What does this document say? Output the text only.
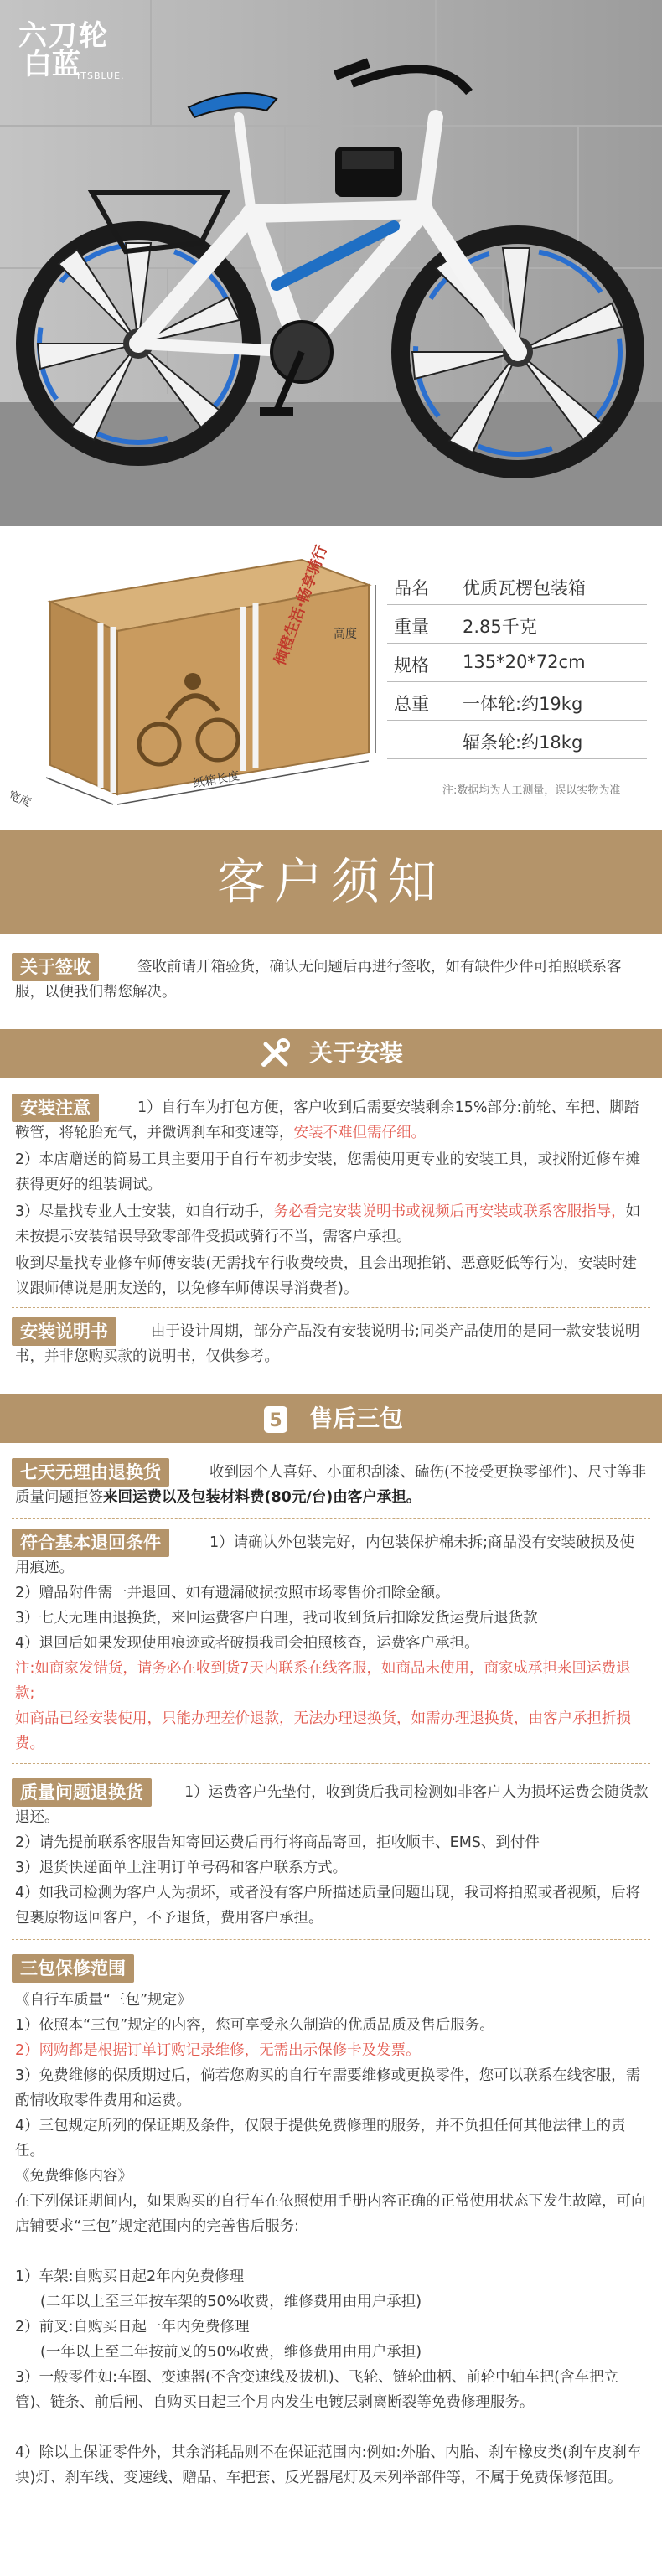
六刀轮
白蓝
ITSBLUE.
倾橙生活·畅享骑行 高度
纸箱长度
宽度
品名 优质瓦楞包装箱
重量 2.85千克
规格 135*20*72cm
总重 一体轮:约19kg
辐条轮:约18kg
注:数据均为人工测量，误以实物为准
客户须知
关于签收	签收前请开箱验货，确认无问题后再进行签收，如有缺件少件可拍照联系客服，以便我们帮您解决。
关于安装
安装注意	1）自行车为打包方便，客户收到后需要安装剩余15%部分:前轮、车把、脚踏鞍管，将轮胎充气，并微调刹车和变速等，安装不难但需仔细。
2）本店赠送的简易工具主要用于自行车初步安装，您需使用更专业的安装工具，或找附近修车摊获得更好的组装调试。
3）尽量找专业人士安装，如自行动手，务必看完安装说明书或视频后再安装或联系客服指导，如未按提示安装错误导致零部件受损或骑行不当，需客户承担。
收到尽量找专业修车师傅安装(无需找车行收费较贵，且会出现推销、恶意贬低等行为，安装时建议跟师傅说是朋友送的，以免修车师傅误导消费者)。
安装说明书	由于设计周期，部分产品没有安装说明书;同类产品使用的是同一款安装说明书，并非您购买款的说明书，仅供参考。
5 售后三包
七天无理由退换货	收到因个人喜好、小面积刮漆、磕伤(不接受更换零部件)、尺寸等非质量问题拒签来回运费以及包装材料费(80元/台)由客户承担。
符合基本退回条件	1）请确认外包装完好，内包装保护棉未拆;商品没有安装破损及使用痕迹。
2）赠品附件需一并退回、如有遗漏破损按照市场零售价扣除金额。
3）七天无理由退换货，来回运费客户自理，我司收到货后扣除发货运费后退货款
4）退回后如果发现使用痕迹或者破损我司会拍照核查，运费客户承担。
注:如商家发错货，请务必在收到货7天内联系在线客服，如商品未使用，商家成承担来回运费退款;
如商品已经安装使用，只能办理差价退款，无法办理退换货，如需办理退换货，由客户承担折损费。
质量问题退换货	1）运费客户先垫付，收到货后我司检测如非客户人为损坏运费会随货款退还。
2）请先提前联系客服告知寄回运费后再行将商品寄回，拒收顺丰、EMS、到付件
3）退货快递面单上注明订单号码和客户联系方式。
4）如我司检测为客户人为损坏，或者没有客户所描述质量问题出现，我司将拍照或者视频，后将包裹原物返回客户，不予退货，费用客户承担。
三包保修范围
《自行车质量“三包”规定》
1）依照本“三包”规定的内容，您可享受永久制造的优质品质及售后服务。
2）网购都是根据订单订购记录维修，无需出示保修卡及发票。
3）免费维修的保质期过后，倘若您购买的自行车需要维修或更换零件，您可以联系在线客服，需酌情收取零件费用和运费。
4）三包规定所列的保证期及条件，仅限于提供免费修理的服务，并不负担任何其他法律上的责任。
《免费维修内容》
在下列保证期间内，如果购买的自行车在依照使用手册内容正确的正常使用状态下发生故障，可向店铺要求“三包”规定范围内的完善售后服务:
1）车架:自购买日起2年内免费修理
(二年以上至三年按车架的50%收费，维修费用由用户承担)
2）前叉:自购买日起一年内免费修理
(一年以上至二年按前叉的50%收费，维修费用由用户承担)
3）一般零件如:车圈、变速器(不含变速线及拔机)、飞轮、链轮曲柄、前轮中轴车把(含车把立管)、链条、前后闸、自购买日起三个月内发生电镀层剥离断裂等免费修理服务。
4）除以上保证零件外，其余消耗品则不在保证范围内:例如:外胎、内胎、刹车橡皮类(刹车皮刹车块)灯、刹车线、变速线、赠品、车把套、反光器尾灯及未列举部件等，不属于免费保修范围。
